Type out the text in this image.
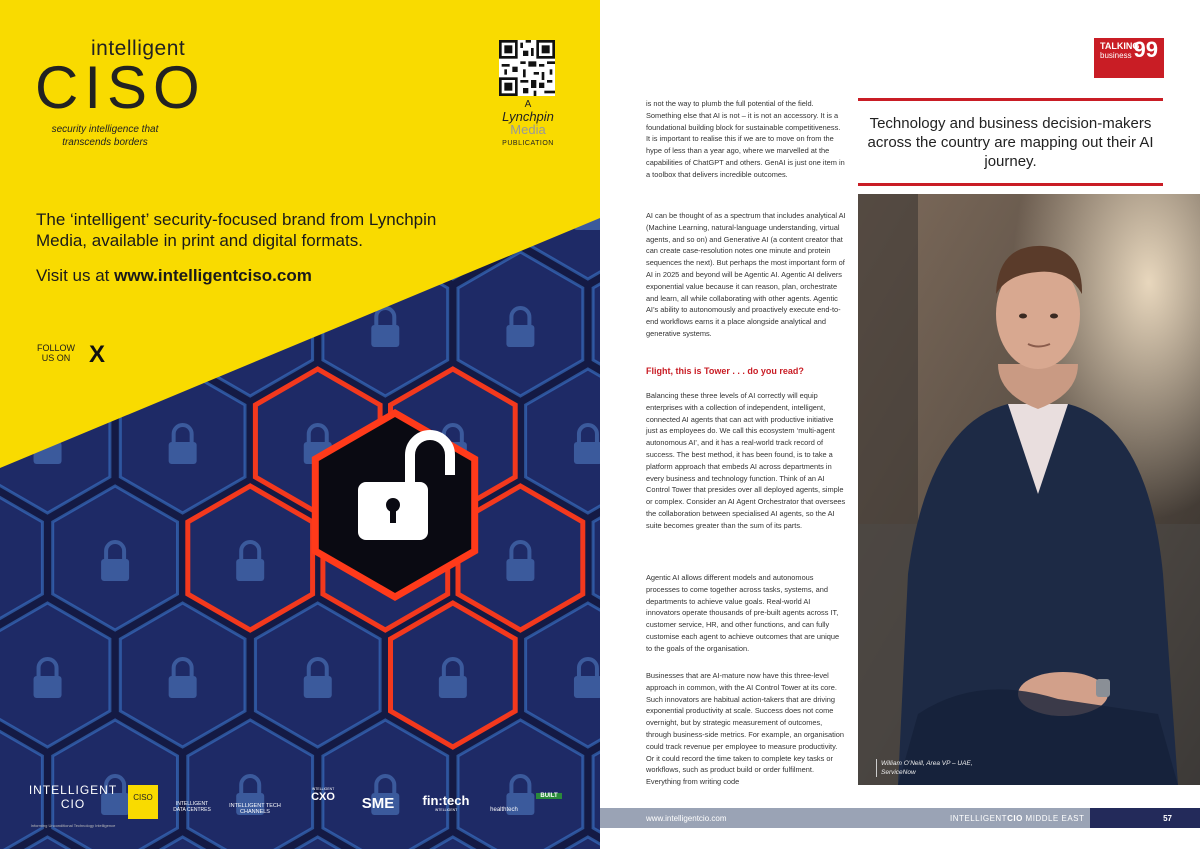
intelligent
CISO
security intelligence that transcends borders
A
Lynchpin
Media
PUBLICATION
The ‘intelligent’ security-focused brand from Lynchpin Media, available in print and digital formats.
Visit us at www.intelligentciso.com
FOLLOW US ON X
INTELLIGENT CIO
Informing Unconditional Technology Intelligence
CISO
INTELLIGENT DATA CENTRES
INTELLIGENT TECH CHANNELS
INTELLIGENT
CXO	SME	fin:tech
INTELLIGENT	healthtech
BUILT
TALKING
business 99
is not the way to plumb the full potential of the field. Something else that AI is not – it is not an accessory. It is a foundational building block for sustainable competitiveness. It is important to realise this if we are to move on from the hype of less than a year ago, where we marvelled at the capabilities of ChatGPT and others. GenAI is just one item in a toolbox that delivers incredible outcomes.
AI can be thought of as a spectrum that includes analytical AI (Machine Learning, natural-language understanding, virtual agents, and so on) and Generative AI (a content creator that can create case-resolution notes one minute and protein sequences the next). But perhaps the most important form of AI in 2025 and beyond will be Agentic AI. Agentic AI delivers exponential value because it can reason, plan, orchestrate and learn, all while collaborating with other agents. Agentic AI’s ability to autonomously and proactively execute end-to-end workflows earns it a place alongside analytical and generative systems.
Flight, this is Tower . . . do you read?
Balancing these three levels of AI correctly will equip enterprises with a collection of independent, intelligent, connected AI agents that can act with productive initiative just as employees do. We call this ecosystem ‘multi-agent autonomous AI’, and it has a real-world track record of success. The best method, it has been found, is to take a platform approach that embeds AI across departments in every business and technology function. Think of an AI Control Tower that presides over all deployed agents, simple or complex. Consider an AI Agent Orchestrator that oversees the collaboration between specialised AI agents, so the AI suite becomes greater than the sum of its parts.
Agentic AI allows different models and autonomous processes to come together across tasks, systems, and departments to achieve value goals. Real-world AI innovators operate thousands of pre-built agents across IT, customer service, HR, and other functions, and can fully customise each agent to achieve outcomes that are unique to the goals of the organisation.
Businesses that are AI-mature now have this three-level approach in common, with the AI Control Tower at its core. Such innovators are habitual action-takers that are driving exponential productivity at scale. Success does not come overnight, but by strategic measurement of outcomes, through business-side metrics. For example, an organisation could track revenue per employee to measure productivity. Or it could record the time taken to complete key tasks or workflows, such as product build or order fulfilment. Everything from writing code
Technology and business decision-makers across the country are mapping out their AI journey.
William O’Neill, Area VP – UAE, ServiceNow
www.intelligentcio.com	INTELLIGENTCIO MIDDLE EAST	57
